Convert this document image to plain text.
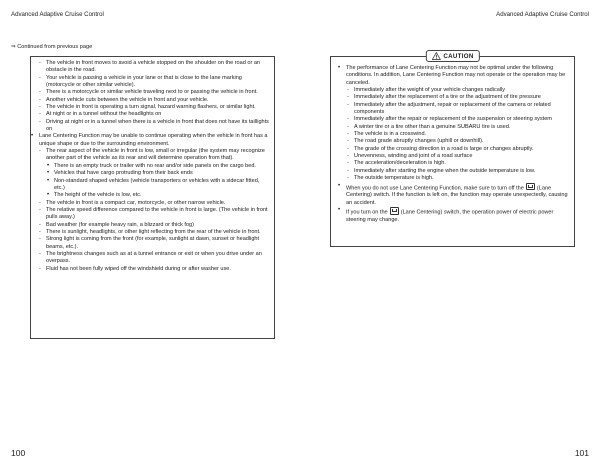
Advanced Adaptive Cruise Control
⇒ Continued from previous page
- The vehicle in front moves to avoid a vehicle stopped on the shoulder on the road or an obstacle in the road.
- Your vehicle is passing a vehicle in your lane or that is close to the lane marking (motorcycle or other similar vehicle).
- There is a motorcycle or similar vehicle traveling next to or passing the vehicle in front.
- Another vehicle cuts between the vehicle in front and your vehicle.
- The vehicle in front is operating a turn signal, hazard warning flashers, or similar light.
- At night or in a tunnel without the headlights on
- Driving at night or in a tunnel when there is a vehicle in front that does not have its taillights on
• Lane Centering Function may be unable to continue operating when the vehicle in front has a unique shape or due to the surrounding environment.
- The rear aspect of the vehicle in front is low, small or irregular (the system may recognize another part of the vehicle as its rear and will determine operation from that).
• There is an empty truck or trailer with no rear and/or side panels on the cargo bed.
• Vehicles that have cargo protruding from their back ends
• Non-standard shaped vehicles (vehicle transporters or vehicles with a sidecar fitted, etc.)
• The height of the vehicle is low, etc.
- The vehicle in front is a compact car, motorcycle, or other narrow vehicle.
- The relative speed difference compared to the vehicle in front is large. (The vehicle in front pulls away.)
- Bad weather (for example heavy rain, a blizzard or thick fog)
- There is sunlight, headlights, or other light reflecting from the rear of the vehicle in front.
- Strong light is coming from the front (for example, sunlight at dawn, sunset or headlight beams, etc.).
- The brightness changes such as at a tunnel entrance or exit or when you drive under an overpass.
- Fluid has not been fully wiped off the windshield during or after washer use.
100
Advanced Adaptive Cruise Control
CAUTION
• The performance of Lane Centering Function may not be optimal under the following conditions. In addition, Lane Centering Function may not operate or the operation may be canceled.
- Immediately after the weight of your vehicle changes radically
- Immediately after the replacement of a tire or the adjustment of tire pressure
- Immediately after the adjustment, repair or replacement of the camera or related components
- Immediately after the repair or replacement of the suspension or steering system
- A winter tire or a tire other than a genuine SUBARU tire is used.
- The vehicle is in a crosswind.
- The road grade abruptly changes (uphill or downhill).
- The grade of the crossing direction in a road is large or changes abruptly.
- Unevenness, winding and joint of a road surface
- The acceleration/deceleration is high.
- Immediately after starting the engine when the outside temperature is low.
- The outside temperature is high.
• When you do not use Lane Centering Function, make sure to turn off the (Lane Centering) switch. If the function is left on, the function may operate unexpectedly, causing an accident.
• If you turn on the (Lane Centering) switch, the operation power of electric power steering may change.
101
